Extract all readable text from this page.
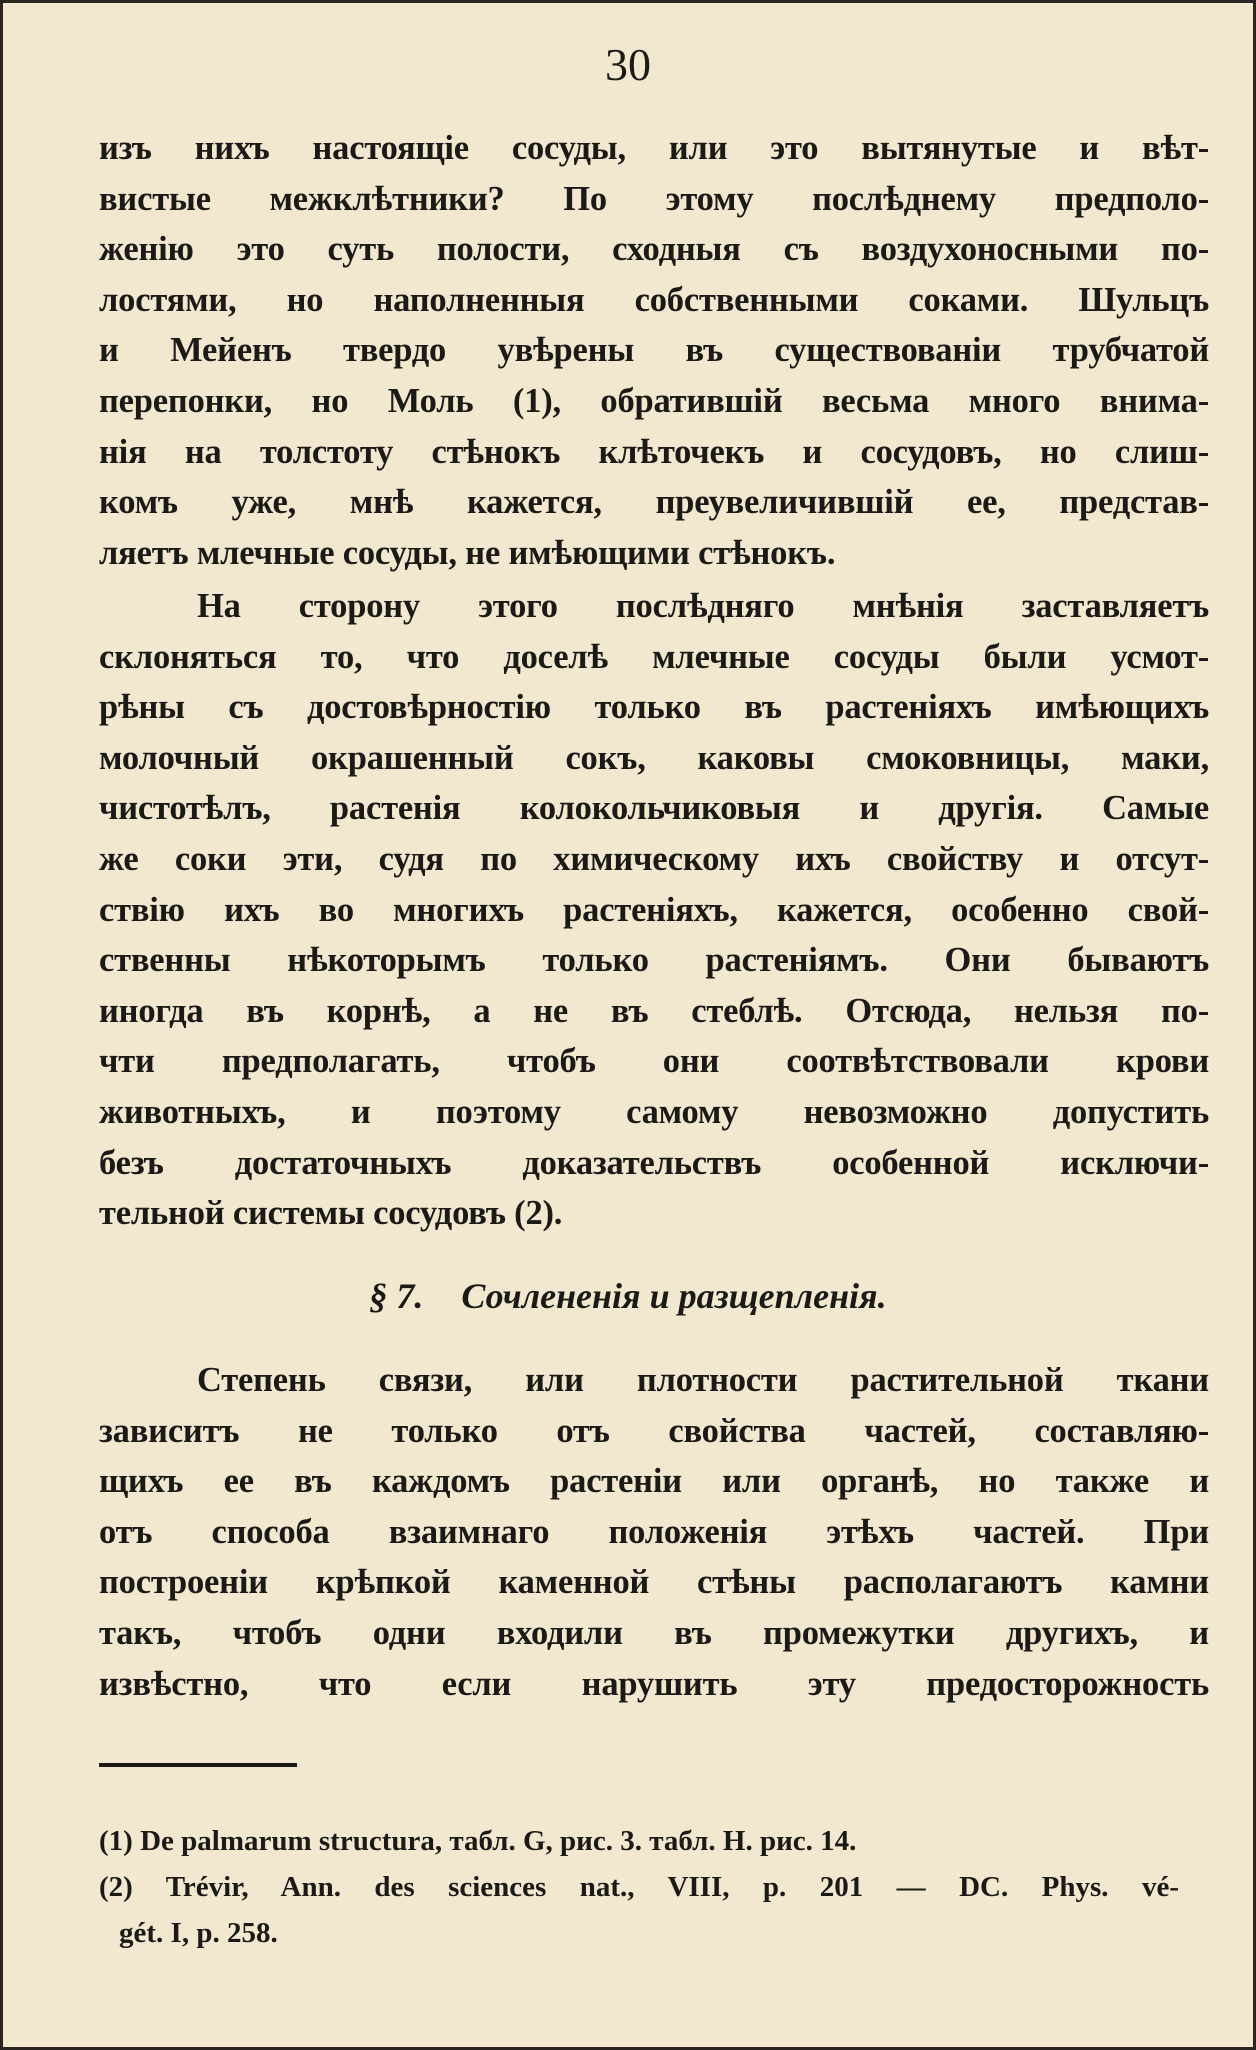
30
изъ нихъ настоящіе сосуды, или это вытянутые и вѣт-
вистые межклѣтники? По этому послѣднему предполо-
женію это суть полости, сходныя съ воздухоносными по-
лостями, но наполненныя собственными соками. Шульцъ
и Мейенъ твердо увѣрены въ существованіи трубчатой
перепонки, но Моль (1), обратившій весьма много внима-
нія на толстоту стѣнокъ клѣточекъ и сосудовъ, но слиш-
комъ уже, мнѣ кажется, преувеличившій ее, представ-
ляетъ млечные сосуды, не имѣющими стѣнокъ.
На сторону этого послѣдняго мнѣнія заставляетъ
склоняться то, что доселѣ млечные сосуды были усмот-
рѣны съ достовѣрностію только въ растеніяхъ имѣющихъ
молочный окрашенный сокъ, каковы смоковницы, маки,
чистотѣлъ, растенія колокольчиковыя и другія. Самые
же соки эти, судя по химическому ихъ свойству и отсут-
ствію ихъ во многихъ растеніяхъ, кажется, особенно свой-
ственны нѣкоторымъ только растеніямъ. Они бываютъ
иногда въ корнѣ, а не въ стеблѣ. Отсюда, нельзя по-
чти предполагать, чтобъ они соотвѣтствовали крови
животныхъ, и поэтому самому невозможно допустить
безъ достаточныхъ доказательствъ особенной исключи-
тельной системы сосудовъ (2).
§ 7. Сочлененія и разщепленія.
Степень связи, или плотности растительной ткани
зависитъ не только отъ свойства частей, составляю-
щихъ ее въ каждомъ растеніи или органѣ, но также и
отъ способа взаимнаго положенія этѣхъ частей. При
построеніи крѣпкой каменной стѣны располагаютъ камни
такъ, чтобъ одни входили въ промежутки другихъ, и
извѣстно, что если нарушить эту предосторожность
(1) De palmarum structura, табл. G, рис. 3. табл. H. рис. 14.
(2) Trévir, Ann. des sciences nat., VIII, p. 201 — DC. Phys. vé-
gét. I, p. 258.
